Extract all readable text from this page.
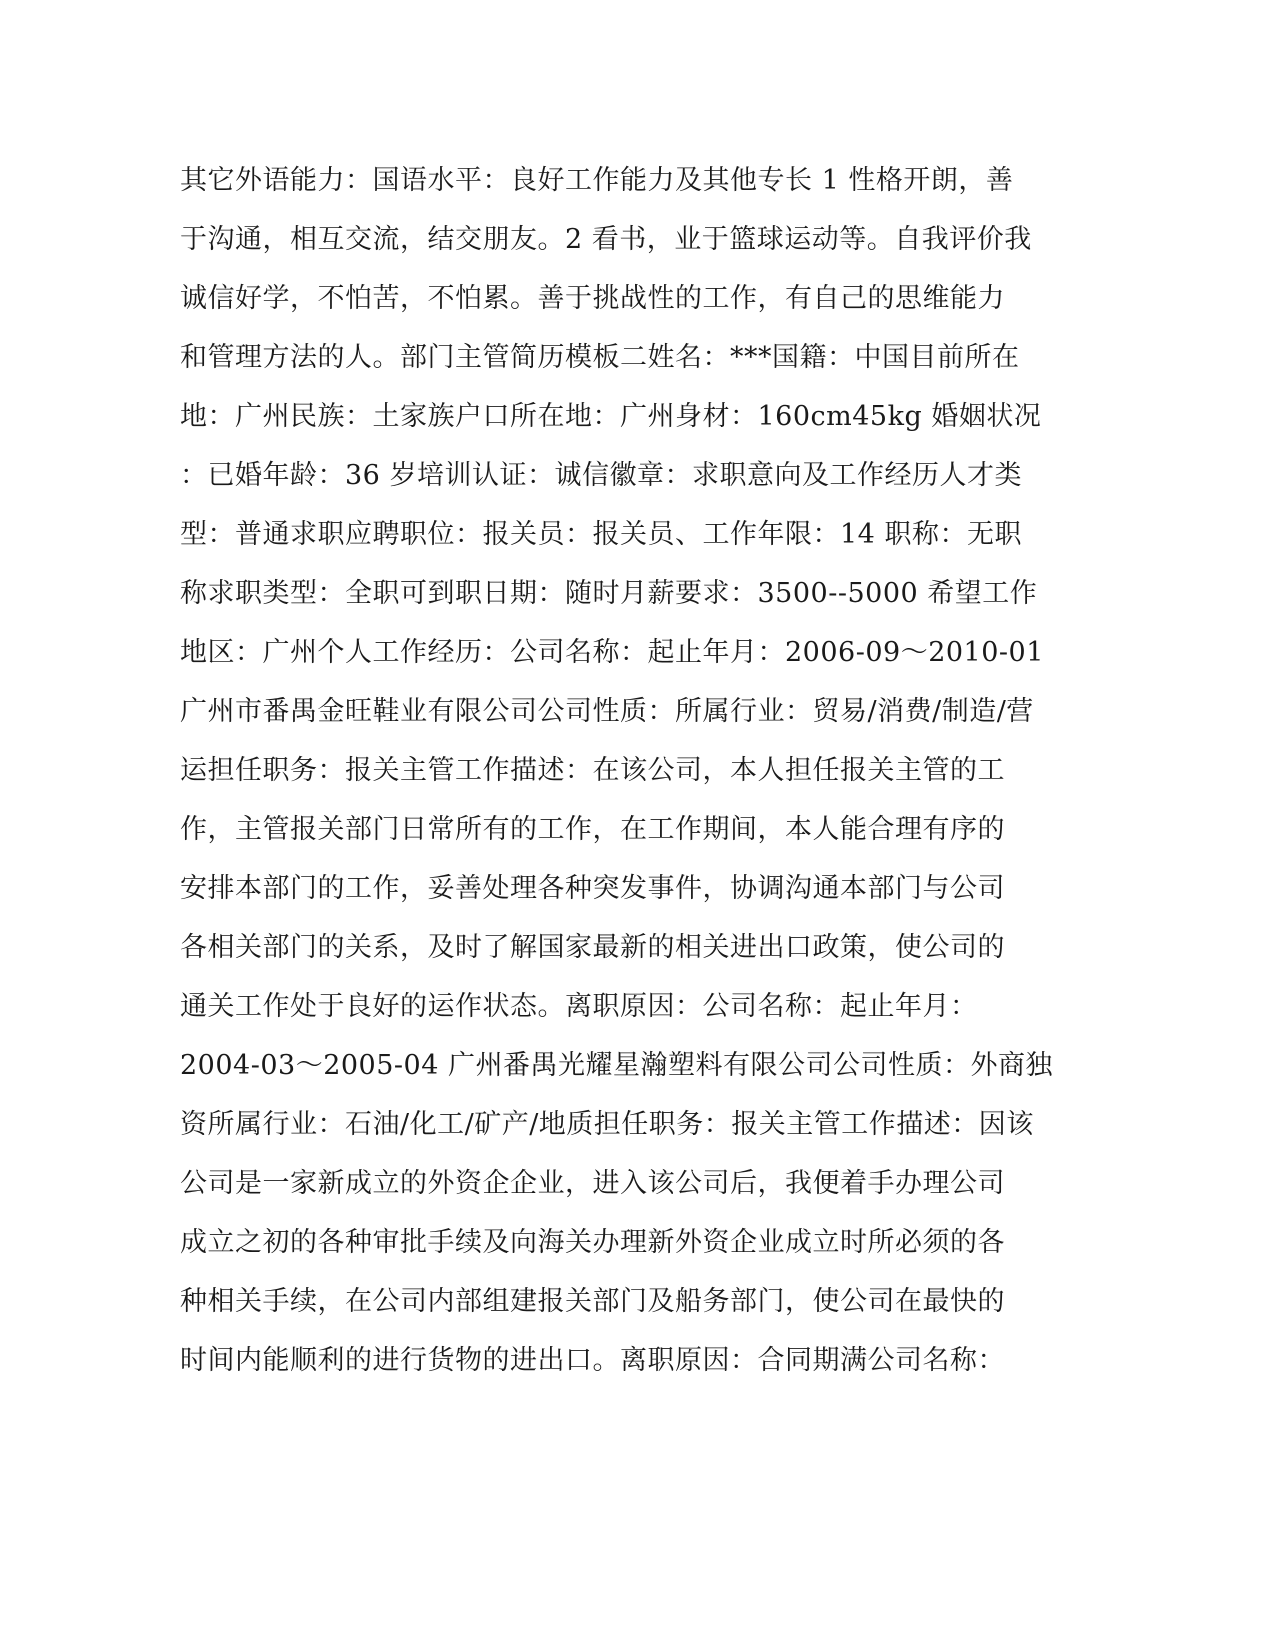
其它外语能力：国语水平：良好工作能力及其他专长 1 性格开朗，善
于沟通，相互交流，结交朋友。2 看书，业于篮球运动等。自我评价我
诚信好学，不怕苦，不怕累。善于挑战性的工作，有自己的思维能力
和管理方法的人。部门主管简历模板二姓名：***国籍：中国目前所在
地：广州民族：土家族户口所在地：广州身材：160cm45kg 婚姻状况
：已婚年龄：36 岁培训认证：诚信徽章：求职意向及工作经历人才类
型：普通求职应聘职位：报关员：报关员、工作年限：14 职称：无职
称求职类型：全职可到职日期：随时月薪要求：3500--5000 希望工作
地区：广州个人工作经历：公司名称：起止年月：2006-09～2010-01
广州市番禺金旺鞋业有限公司公司性质：所属行业：贸易/消费/制造/营
运担任职务：报关主管工作描述：在该公司，本人担任报关主管的工
作，主管报关部门日常所有的工作，在工作期间，本人能合理有序的
安排本部门的工作，妥善处理各种突发事件，协调沟通本部门与公司
各相关部门的关系，及时了解国家最新的相关进出口政策，使公司的
通关工作处于良好的运作状态。离职原因：公司名称：起止年月：
2004-03～2005-04 广州番禺光耀星瀚塑料有限公司公司性质：外商独
资所属行业：石油/化工/矿产/地质担任职务：报关主管工作描述：因该
公司是一家新成立的外资企企业，进入该公司后，我便着手办理公司
成立之初的各种审批手续及向海关办理新外资企业成立时所必须的各
种相关手续，在公司内部组建报关部门及船务部门，使公司在最快的
时间内能顺利的进行货物的进出口。离职原因：合同期满公司名称：
